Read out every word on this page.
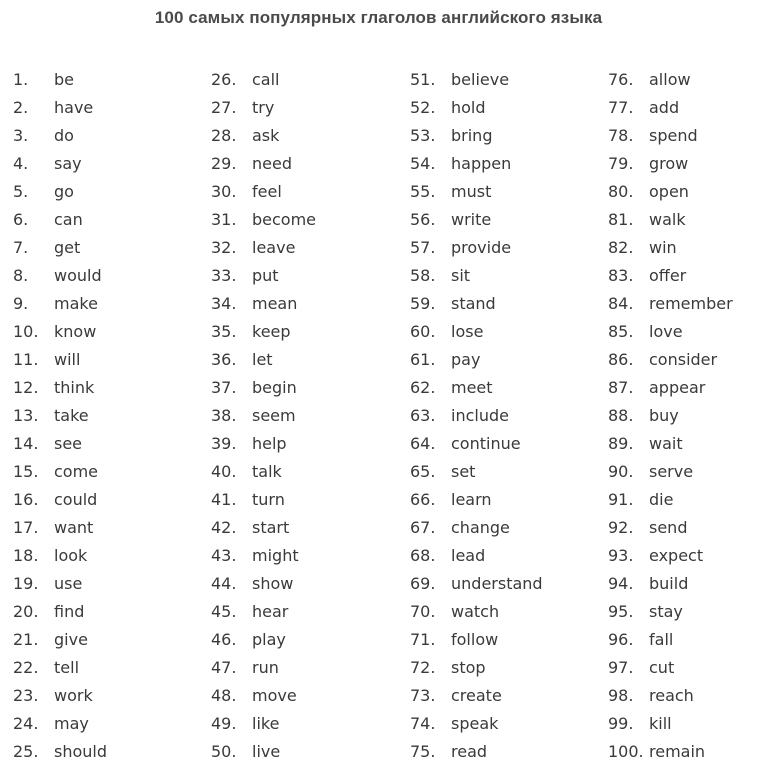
100 самых популярных глаголов английского языка
1. be
2. have
3. do
4. say
5. go
6. can
7. get
8. would
9. make
10. know
11. will
12. think
13. take
14. see
15. come
16. could
17. want
18. look
19. use
20. find
21. give
22. tell
23. work
24. may
25. should
26. call
27. try
28. ask
29. need
30. feel
31. become
32. leave
33. put
34. mean
35. keep
36. let
37. begin
38. seem
39. help
40. talk
41. turn
42. start
43. might
44. show
45. hear
46. play
47. run
48. move
49. like
50. live
51. believe
52. hold
53. bring
54. happen
55. must
56. write
57. provide
58. sit
59. stand
60. lose
61. pay
62. meet
63. include
64. continue
65. set
66. learn
67. change
68. lead
69. understand
70. watch
71. follow
72. stop
73. create
74. speak
75. read
76. allow
77. add
78. spend
79. grow
80. open
81. walk
82. win
83. offer
84. remember
85. love
86. consider
87. appear
88. buy
89. wait
90. serve
91. die
92. send
93. expect
94. build
95. stay
96. fall
97. cut
98. reach
99. kill
100. remain
